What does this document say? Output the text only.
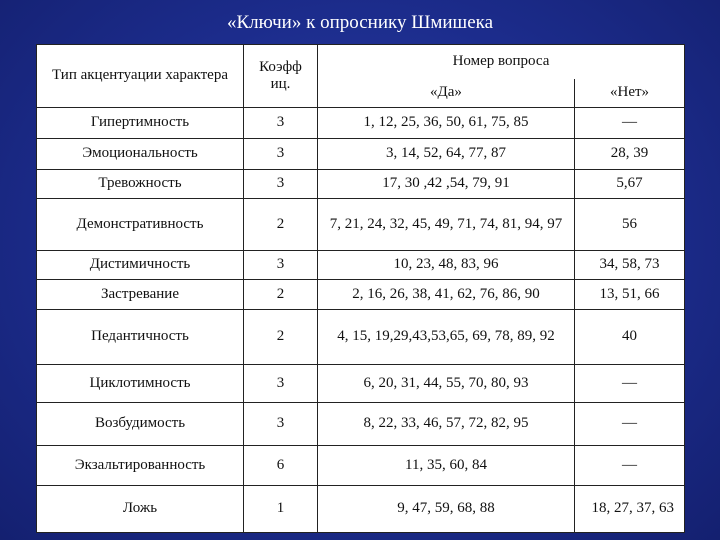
«Ключи» к опроснику Шмишека
Тип акцентуации характера	Коэфф иц.	Номер вопроса	
		«Да»	«Нет»
Гипертимность	3	1, 12, 25, 36, 50, 61, 75, 85	—
Эмоциональность	3	3, 14, 52, 64, 77, 87	28, 39
Тревожность	3	17, 30 ,42 ,54, 79, 91	5,67
Демонстративность	2	7, 21, 24, 32, 45, 49, 71, 74, 81, 94, 97	56
Дистимичность	3	10, 23, 48, 83, 96	34, 58, 73
Застревание	2	2, 16, 26, 38, 41, 62, 76, 86, 90	13, 51, 66
Педантичность	2	4, 15, 19,29,43,53,65, 69, 78, 89, 92	40
Циклотимность	3	6, 20, 31, 44, 55, 70, 80, 93	—
Возбудимость	3	8, 22, 33, 46, 57, 72, 82, 95	—
Экзальтированность	6	11, 35, 60, 84	—
Ложь	1	9, 47, 59, 68, 88	18, 27, 37, 63
